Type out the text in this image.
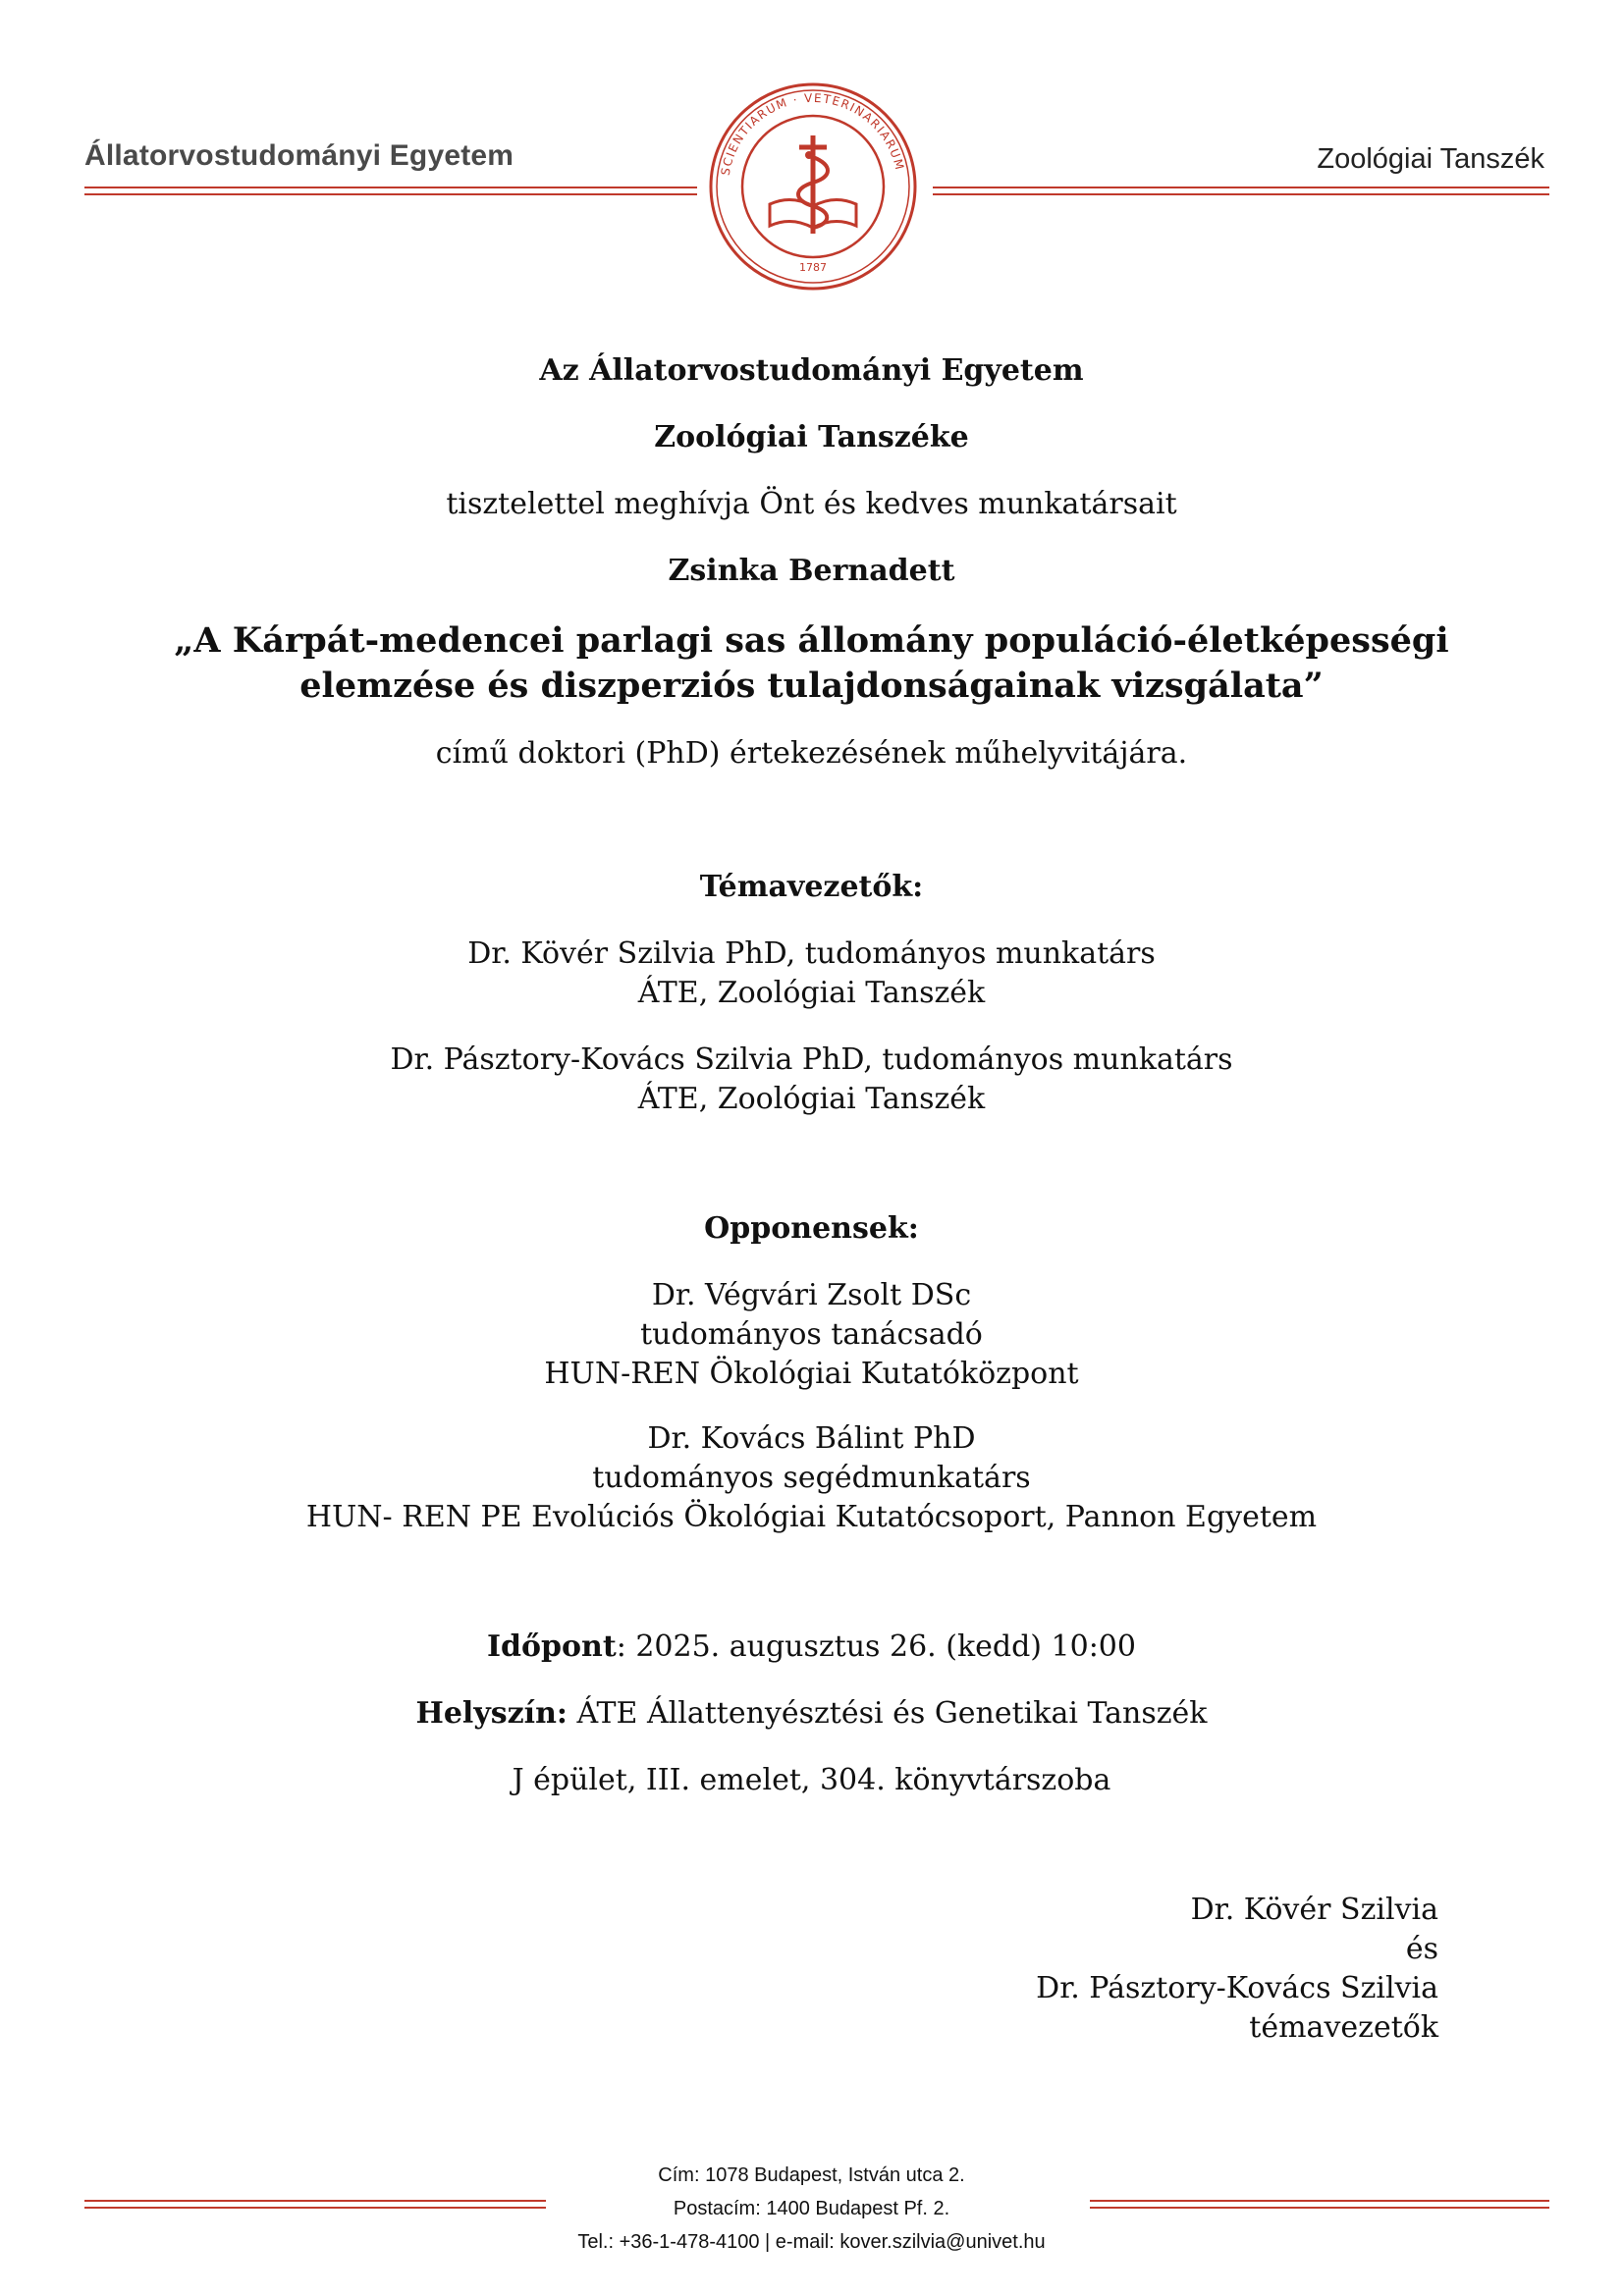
Állatorvostudományi Egyetem	Zoológiai Tanszék
SCIENTIARUM · VETERINARIARUM
1787
Az Állatorvostudományi Egyetem
Zoológiai Tanszéke
tisztelettel meghívja Önt és kedves munkatársait
Zsinka Bernadett
„A Kárpát-medencei parlagi sas állomány populáció-életképességi
elemzése és diszperziós tulajdonságainak vizsgálata”
című doktori (PhD) értekezésének műhelyvitájára.
Témavezetők:
Dr. Kövér Szilvia PhD, tudományos munkatárs
ÁTE, Zoológiai Tanszék
Dr. Pásztory-Kovács Szilvia PhD, tudományos munkatárs
ÁTE, Zoológiai Tanszék
Opponensek:
Dr. Végvári Zsolt DSc
tudományos tanácsadó
HUN-REN Ökológiai Kutatóközpont
Dr. Kovács Bálint PhD
tudományos segédmunkatárs
HUN- REN PE Evolúciós Ökológiai Kutatócsoport, Pannon Egyetem
Időpont: 2025. augusztus 26. (kedd) 10:00
Helyszín: ÁTE Állattenyésztési és Genetikai Tanszék
J épület, III. emelet, 304. könyvtárszoba
Dr. Kövér Szilvia
és
Dr. Pásztory-Kovács Szilvia
témavezetők
Cím: 1078 Budapest, István utca 2.
Postacím: 1400 Budapest Pf. 2.
Tel.: +36-1-478-4100 | e-mail: kover.szilvia@univet.hu
